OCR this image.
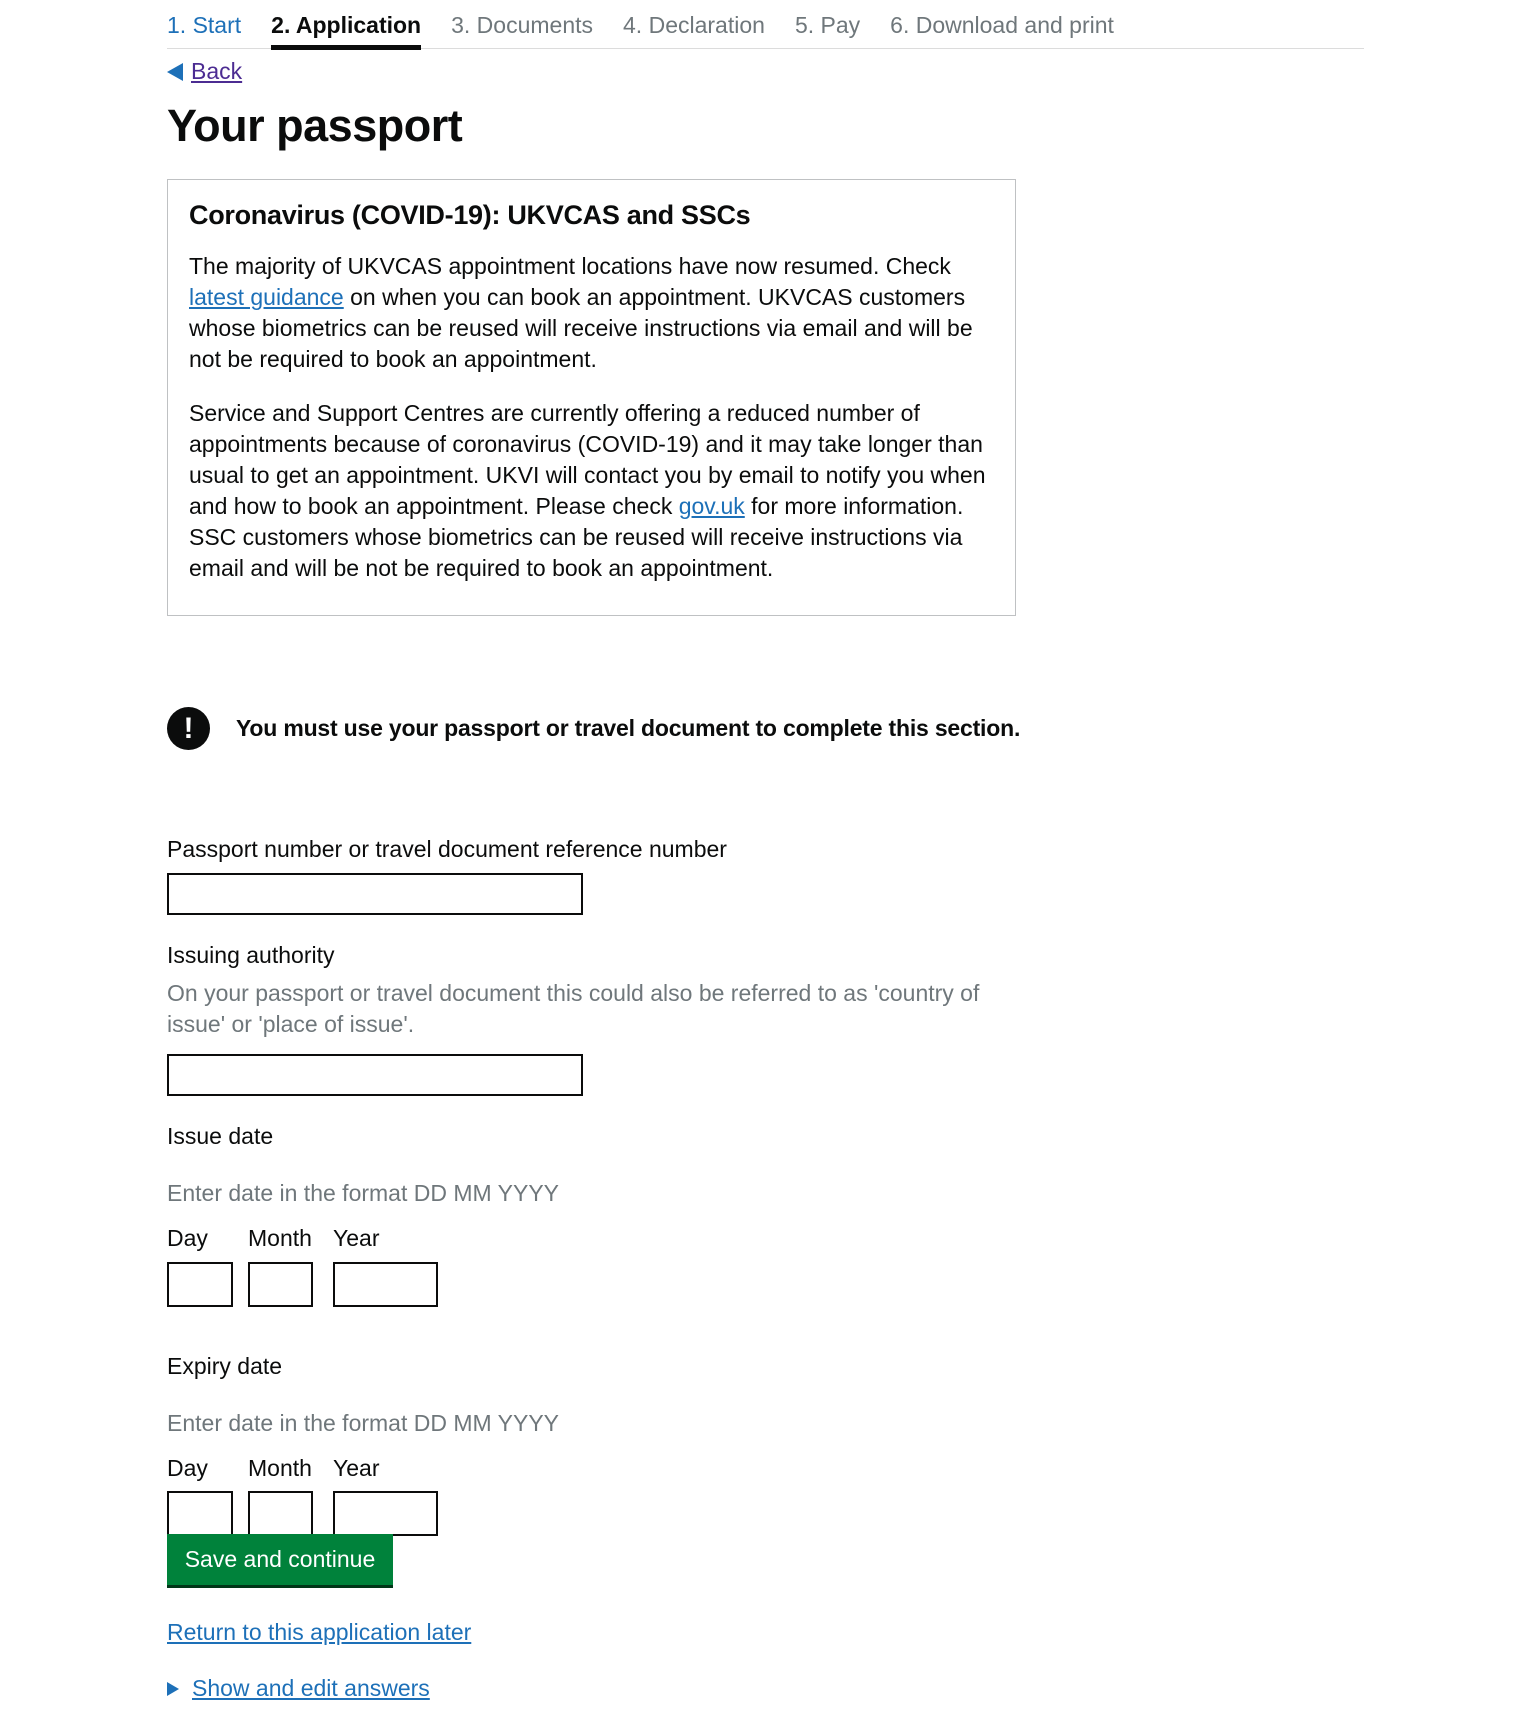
1. Start 2. Application 3. Documents 4. Declaration 5. Pay 6. Download and print
Back
Your passport
Coronavirus (COVID-19): UKVCAS and SSCs

The majority of UKVCAS appointment locations have now resumed. Check latest guidance on when you can book an appointment. UKVCAS customers whose biometrics can be reused will receive instructions via email and will be not be required to book an appointment.

Service and Support Centres are currently offering a reduced number of appointments because of coronavirus (COVID-19) and it may take longer than usual to get an appointment. UKVI will contact you by email to notify you when and how to book an appointment. Please check gov.uk for more information. SSC customers whose biometrics can be reused will receive instructions via email and will be not be required to book an appointment.

!	You must use your passport or travel document to complete this section.
Passport number or travel document reference number
Issuing authority
On your passport or travel document this could also be referred to as 'country of issue' or 'place of issue'.
Issue date
Enter date in the format DD MM YYYY
Day Month Year
Expiry date
Enter date in the format DD MM YYYY
Day Month Year
Save and continue
Return to this application later
Show and edit answers
